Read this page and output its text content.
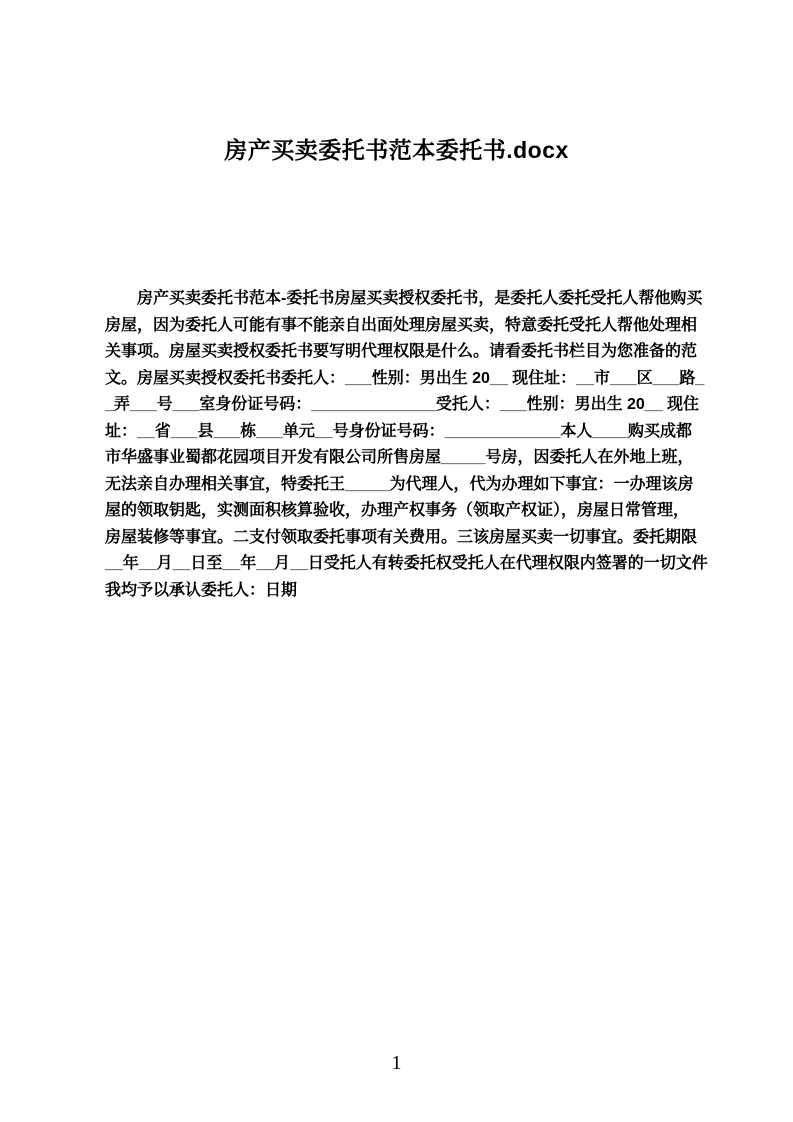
房产买卖委托书范本委托书.docx
房产买卖委托书范本-委托书房屋买卖授权委托书，是委托人委托受托人帮他购买
房屋，因为委托人可能有事不能亲自出面处理房屋买卖，特意委托受托人帮他处理相
关事项。房屋买卖授权委托书要写明代理权限是什么。请看委托书栏目为您准备的范
文。房屋买卖授权委托书委托人：___性别：男出生 20__ 现住址：__市___区___路_
_弄___号___室身份证号码：______________受托人：___性别：男出生 20__ 现住
址：__省___县___栋___单元__号身份证号码：_____________本人____购买成都
市华盛事业蜀都花园项目开发有限公司所售房屋_____号房，因委托人在外地上班，
无法亲自办理相关事宜，特委托王_____为代理人，代为办理如下事宜：一办理该房
屋的领取钥匙，实测面积核算验收，办理产权事务（领取产权证），房屋日常管理，
房屋装修等事宜。二支付领取委托事项有关费用。三该房屋买卖一切事宜。委托期限
__年__月__日至__年__月__日受托人有转委托权受托人在代理权限内签署的一切文件
我均予以承认委托人：日期
1
